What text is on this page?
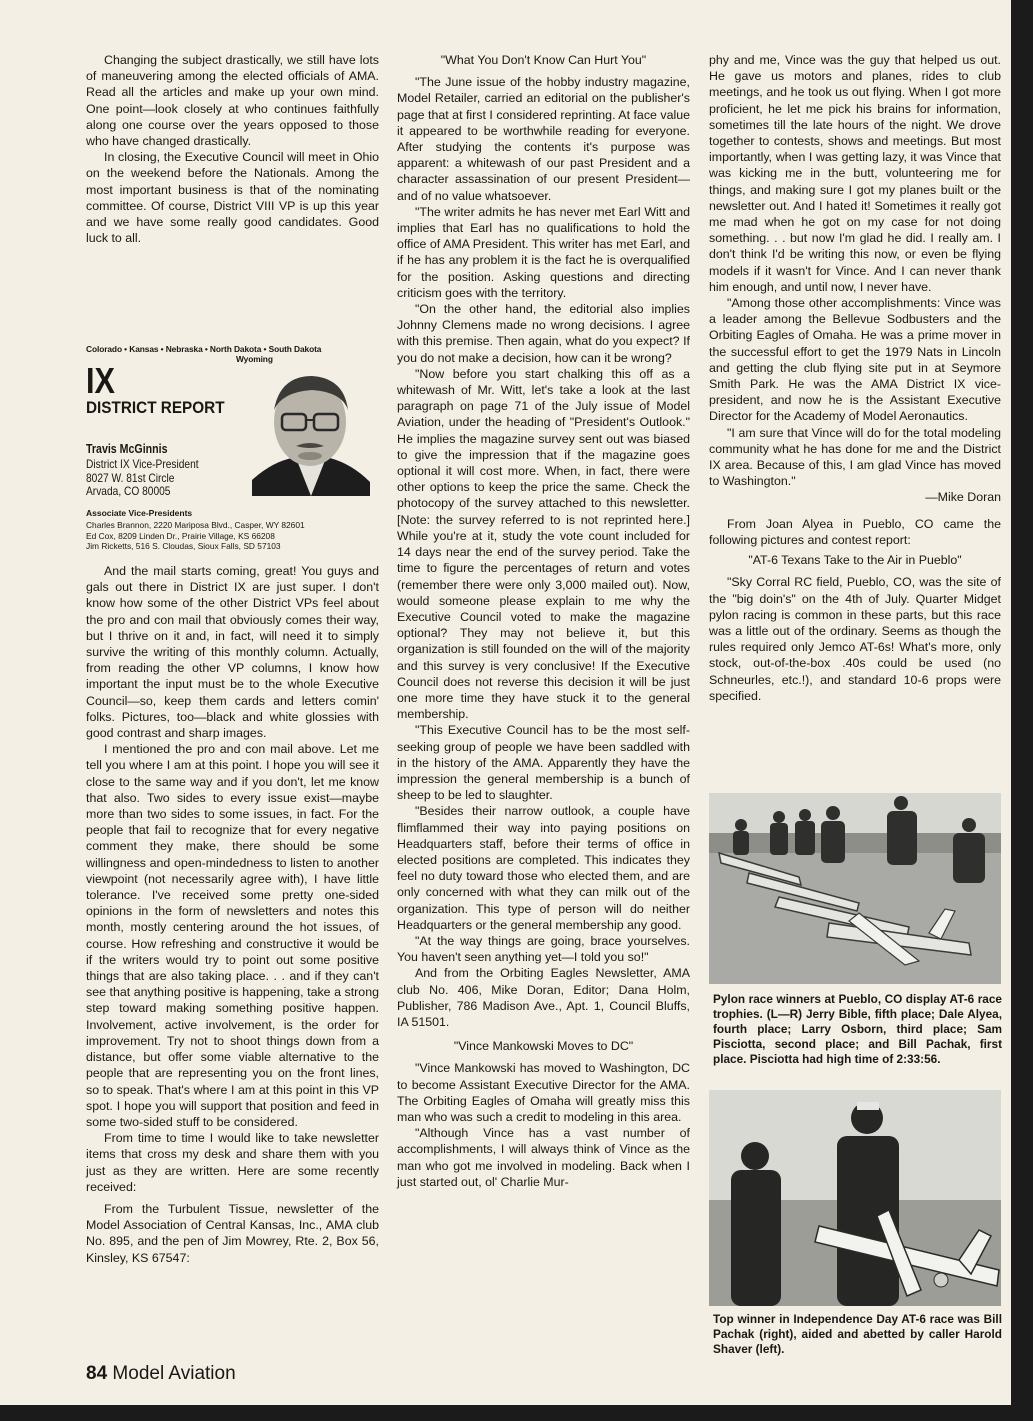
Changing the subject drastically, we still have lots of maneuvering among the elected officials of AMA. Read all the articles and make up your own mind. One point—look closely at who continues faithfully along one course over the years opposed to those who have changed drastically.

In closing, the Executive Council will meet in Ohio on the weekend before the Nationals. Among the most important business is that of the nominating committee. Of course, District VIII VP is up this year and we have some really good candidates. Good luck to all.

Colorado • Kansas • Nebraska • North Dakota • South Dakota
Wyoming
IX
DISTRICT REPORT
Travis McGinnis
District IX Vice-President
8027 W. 81st Circle
Arvada, CO 80005
Associate Vice-Presidents
Charles Brannon, 2220 Mariposa Blvd., Casper, WY 82601
Ed Cox, 8209 Linden Dr., Prairie Village, KS 66208
Jim Ricketts, 516 S. Cloudas, Sioux Falls, SD 57103

And the mail starts coming, great! You guys and gals out there in District IX are just super. I don't know how some of the other District VPs feel about the pro and con mail that obviously comes their way, but I thrive on it and, in fact, will need it to simply survive the writing of this monthly column. Actually, from reading the other VP columns, I know how important the input must be to the whole Executive Council—so, keep them cards and letters comin' folks. Pictures, too—black and white glossies with good contrast and sharp images.

I mentioned the pro and con mail above. Let me tell you where I am at this point. I hope you will see it close to the same way and if you don't, let me know that also. Two sides to every issue exist—maybe more than two sides to some issues, in fact. For the people that fail to recognize that for every negative comment they make, there should be some willingness and open-mindedness to listen to another viewpoint (not necessarily agree with), I have little tolerance. I've received some pretty one-sided opinions in the form of newsletters and notes this month, mostly centering around the hot issues, of course. How refreshing and constructive it would be if the writers would try to point out some positive things that are also taking place. . . and if they can't see that anything positive is happening, take a strong step toward making something positive happen. Involvement, active involvement, is the order for improvement. Try not to shoot things down from a distance, but offer some viable alternative to the people that are representing you on the front lines, so to speak. That's where I am at this point in this VP spot. I hope you will support that position and feed in some two-sided stuff to be considered.

From time to time I would like to take newsletter items that cross my desk and share them with you just as they are written. Here are some recently received:

From the Turbulent Tissue, newsletter of the Model Association of Central Kansas, Inc., AMA club No. 895, and the pen of Jim Mowrey, Rte. 2, Box 56, Kinsley, KS 67547:

"What You Don't Know Can Hurt You"

"The June issue of the hobby industry magazine, Model Retailer, carried an editorial on the publisher's page that at first I considered reprinting. At face value it appeared to be worthwhile reading for everyone. After studying the contents it's purpose was apparent: a whitewash of our past President and a character assassination of our present President—and of no value whatsoever.

"The writer admits he has never met Earl Witt and implies that Earl has no qualifications to hold the office of AMA President. This writer has met Earl, and if he has any problem it is the fact he is overqualified for the position. Asking questions and directing criticism goes with the territory.

"On the other hand, the editorial also implies Johnny Clemens made no wrong decisions. I agree with this premise. Then again, what do you expect? If you do not make a decision, how can it be wrong?

"Now before you start chalking this off as a whitewash of Mr. Witt, let's take a look at the last paragraph on page 71 of the July issue of Model Aviation, under the heading of "President's Outlook." He implies the magazine survey sent out was biased to give the impression that if the magazine goes optional it will cost more. When, in fact, there were other options to keep the price the same. Check the photocopy of the survey attached to this newsletter. [Note: the survey referred to is not reprinted here.] While you're at it, study the vote count included for 14 days near the end of the survey period. Take the time to figure the percentages of return and votes (remember there were only 3,000 mailed out). Now, would someone please explain to me why the Executive Council voted to make the magazine optional? They may not believe it, but this organization is still founded on the will of the majority and this survey is very conclusive! If the Executive Council does not reverse this decision it will be just one more time they have stuck it to the general membership.

"This Executive Council has to be the most self-seeking group of people we have been saddled with in the history of the AMA. Apparently they have the impression the general membership is a bunch of sheep to be led to slaughter.

"Besides their narrow outlook, a couple have flimflammed their way into paying positions on Headquarters staff, before their terms of office in elected positions are completed. This indicates they feel no duty toward those who elected them, and are only concerned with what they can milk out of the organization. This type of person will do neither Headquarters or the general membership any good.

"At the way things are going, brace yourselves. You haven't seen anything yet—I told you so!"

And from the Orbiting Eagles Newsletter, AMA club No. 406, Mike Doran, Editor; Dana Holm, Publisher, 786 Madison Ave., Apt. 1, Council Bluffs, IA 51501.

"Vince Mankowski Moves to DC"

"Vince Mankowski has moved to Washington, DC to become Assistant Executive Director for the AMA. The Orbiting Eagles of Omaha will greatly miss this man who was such a credit to modeling in this area.

"Although Vince has a vast number of accomplishments, I will always think of Vince as the man who got me involved in modeling. Back when I just started out, ol' Charlie Mur-

phy and me, Vince was the guy that helped us out. He gave us motors and planes, rides to club meetings, and he took us out flying. When I got more proficient, he let me pick his brains for information, sometimes till the late hours of the night. We drove together to contests, shows and meetings. But most importantly, when I was getting lazy, it was Vince that was kicking me in the butt, volunteering me for things, and making sure I got my planes built or the newsletter out. And I hated it! Sometimes it really got me mad when he got on my case for not doing something. . . but now I'm glad he did. I really am. I don't think I'd be writing this now, or even be flying models if it wasn't for Vince. And I can never thank him enough, and until now, I never have.

"Among those other accomplishments: Vince was a leader among the Bellevue Sodbusters and the Orbiting Eagles of Omaha. He was a prime mover in the successful effort to get the 1979 Nats in Lincoln and getting the club flying site put in at Seymore Smith Park. He was the AMA District IX vice-president, and now he is the Assistant Executive Director for the Academy of Model Aeronautics.

"I am sure that Vince will do for the total modeling community what he has done for me and the District IX area. Because of this, I am glad Vince has moved to Washington."

—Mike Doran

From Joan Alyea in Pueblo, CO came the following pictures and contest report:

"AT-6 Texans Take to the Air in Pueblo"

"Sky Corral RC field, Pueblo, CO, was the site of the "big doin's" on the 4th of July. Quarter Midget pylon racing is common in these parts, but this race was a little out of the ordinary. Seems as though the rules required only Jemco AT-6s! What's more, only stock, out-of-the-box .40s could be used (no Schneurles, etc.!), and standard 10-6 props were specified.

Pylon race winners at Pueblo, CO display AT-6 race trophies. (L—R) Jerry Bible, fifth place; Dale Alyea, fourth place; Larry Osborn, third place; Sam Pisciotta, second place; and Bill Pachak, first place. Pisciotta had high time of 2:33:56.
Top winner in Independence Day AT-6 race was Bill Pachak (right), aided and abetted by caller Harold Shaver (left).
84 Model Aviation
